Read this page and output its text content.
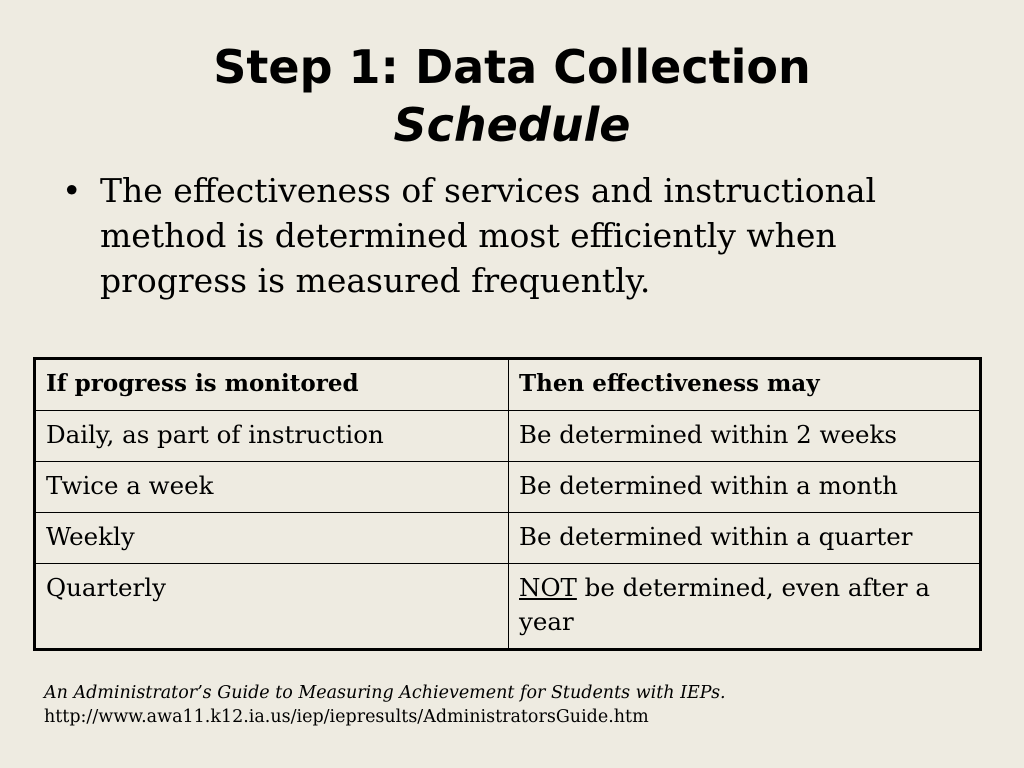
Step 1: Data Collection
Schedule
• The effectiveness of services and instructional method is determined most efficiently when progress is measured frequently.
If progress is monitored	Then effectiveness may
Daily, as part of instruction	Be determined within 2 weeks
Twice a week	Be determined within a month
Weekly	Be determined within a quarter
Quarterly	NOT be determined, even after a year
An Administrator’s Guide to Measuring Achievement for Students with IEPs.
http://www.awa11.k12.ia.us/iep/iepresults/AdministratorsGuide.htm
